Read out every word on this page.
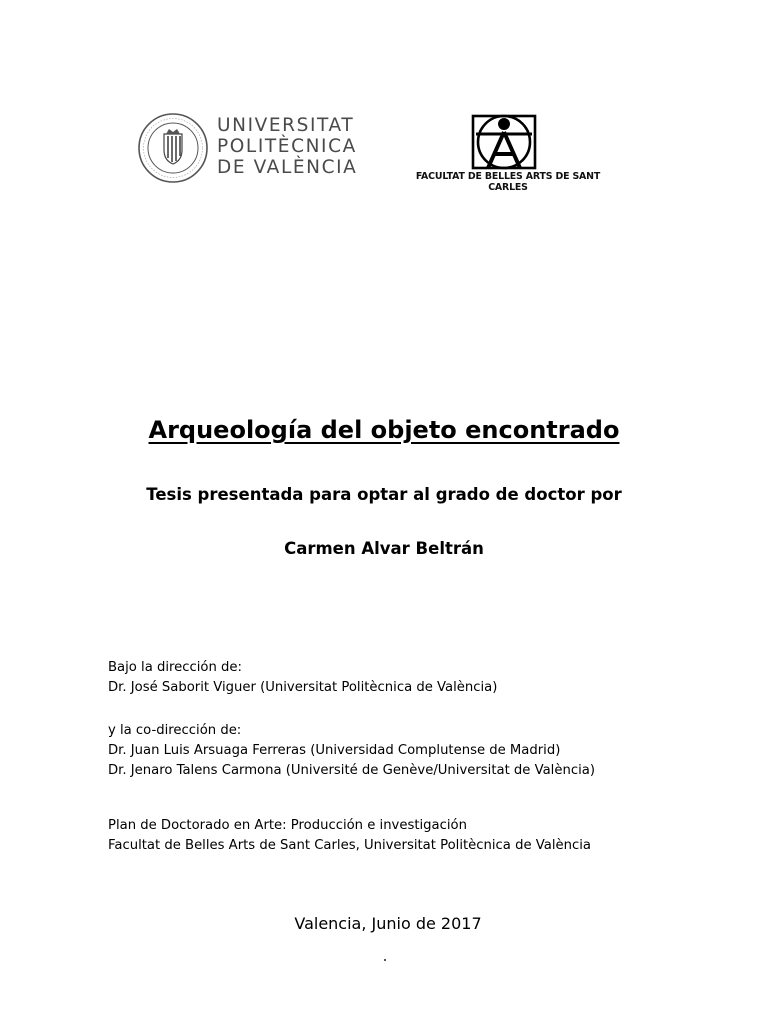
UNIVERSITAT
POLITÈCNICA
DE VALÈNCIA	FACULTAT DE BELLES ARTS DE SANT CARLES
Arqueología del objeto encontrado
Tesis presentada para optar al grado de doctor por
Carmen Alvar Beltrán
Bajo la dirección de:
Dr. José Saborit Viguer (Universitat Politècnica de València)
y la co-dirección de:
Dr. Juan Luis Arsuaga Ferreras (Universidad Complutense de Madrid)
Dr. Jenaro Talens Carmona (Université de Genève/Universitat de València)
Plan de Doctorado en Arte: Producción e investigación
Facultat de Belles Arts de Sant Carles, Universitat Politècnica de València
Valencia, Junio de 2017
